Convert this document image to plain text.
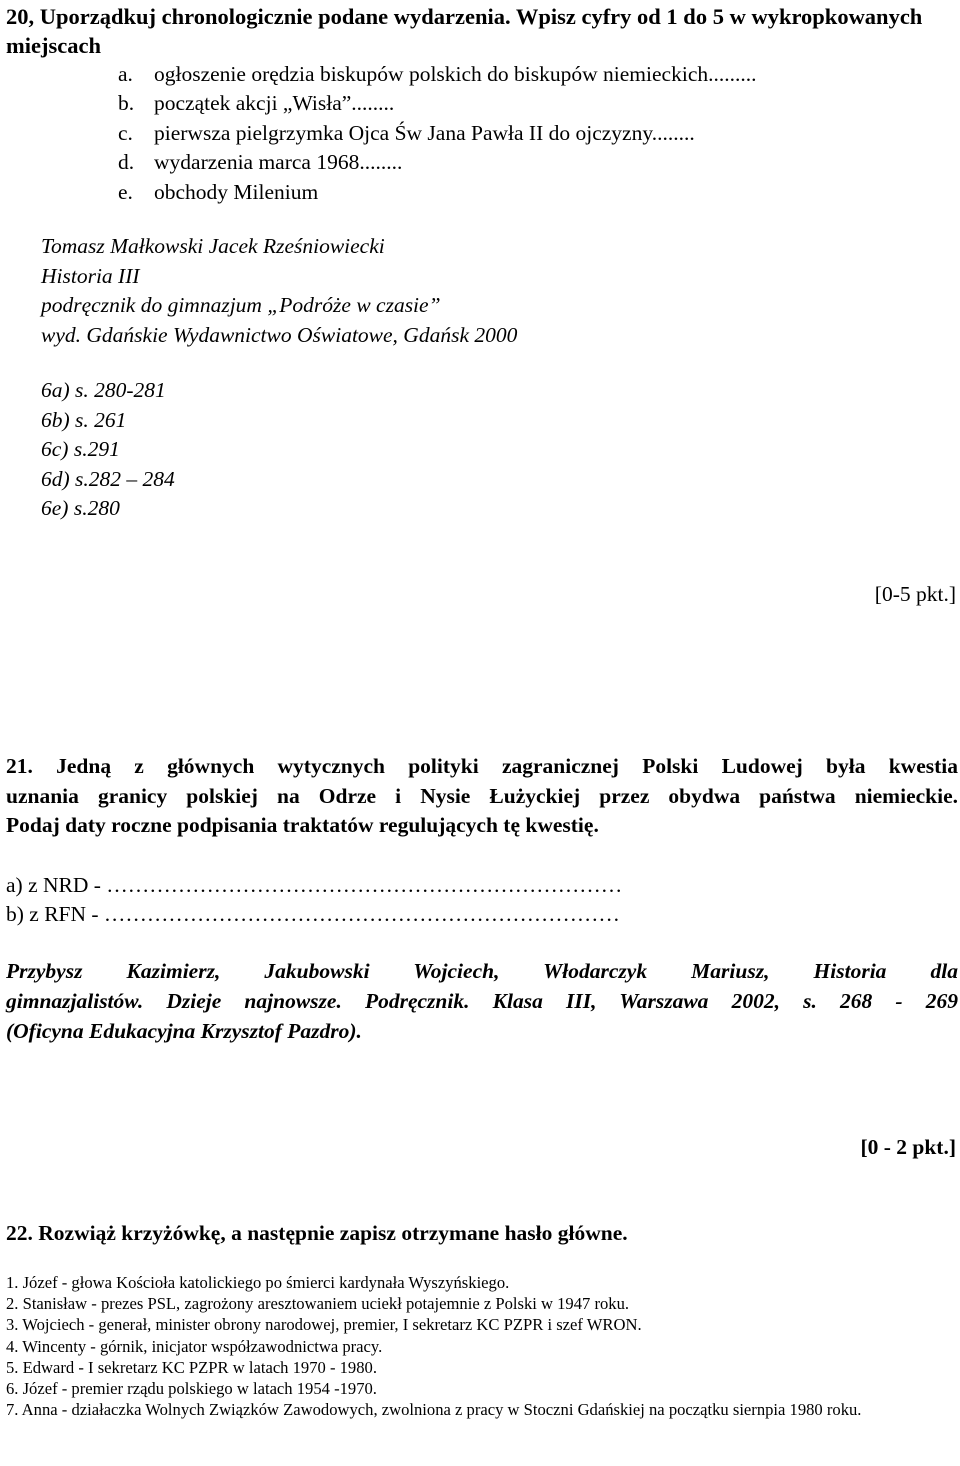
20, Uporządkuj chronologicznie podane wydarzenia. Wpisz cyfry od 1 do 5 w wykropkowanych miejscach

a. ogłoszenie orędzia biskupów polskich do biskupów niemieckich.........
b. początek akcji „Wisła”........
c. pierwsza pielgrzymka Ojca Św Jana Pawła II do ojczyzny........
d. wydarzenia marca 1968........
e. obchody Milenium
Tomasz Małkowski Jacek Rześniowiecki
Historia III
podręcznik do gimnazjum „Podróże w czasie”
wyd. Gdańskie Wydawnictwo Oświatowe, Gdańsk 2000
6a) s. 280-281
6b) s. 261
6c) s.291
6d) s.282 – 284
6e) s.280
[0-5 pkt.]
21. Jedną z głównych wytycznych polityki zagranicznej Polski Ludowej była kwestia
uznania granicy polskiej na Odrze i Nysie Łużyckiej przez obydwa państwa niemieckie.
Podaj daty roczne podpisania traktatów regulujących tę kwestię.
a) z NRD - ………………………………………………………………
b) z RFN - ………………………………………………………………
Przybysz Kazimierz, Jakubowski Wojciech, Włodarczyk Mariusz, Historia dla
gimnazjalistów. Dzieje najnowsze. Podręcznik. Klasa III, Warszawa 2002, s. 268 - 269
(Oficyna Edukacyjna Krzysztof Pazdro).
[0 - 2 pkt.]
22. Rozwiąż krzyżówkę, a następnie zapisz otrzymane hasło główne.
1. Józef - głowa Kościoła katolickiego po śmierci kardynała Wyszyńskiego.
2. Stanisław - prezes PSL, zagrożony aresztowaniem uciekł potajemnie z Polski w 1947 roku.
3. Wojciech - generał, minister obrony narodowej, premier, I sekretarz KC PZPR i szef WRON.
4. Wincenty - górnik, inicjator współzawodnictwa pracy.
5. Edward - I sekretarz KC PZPR w latach 1970 - 1980.
6. Józef - premier rządu polskiego w latach 1954 -1970.
7. Anna - działaczka Wolnych Związków Zawodowych, zwolniona z pracy w Stoczni Gdańskiej na początku siernpia 1980 roku.
